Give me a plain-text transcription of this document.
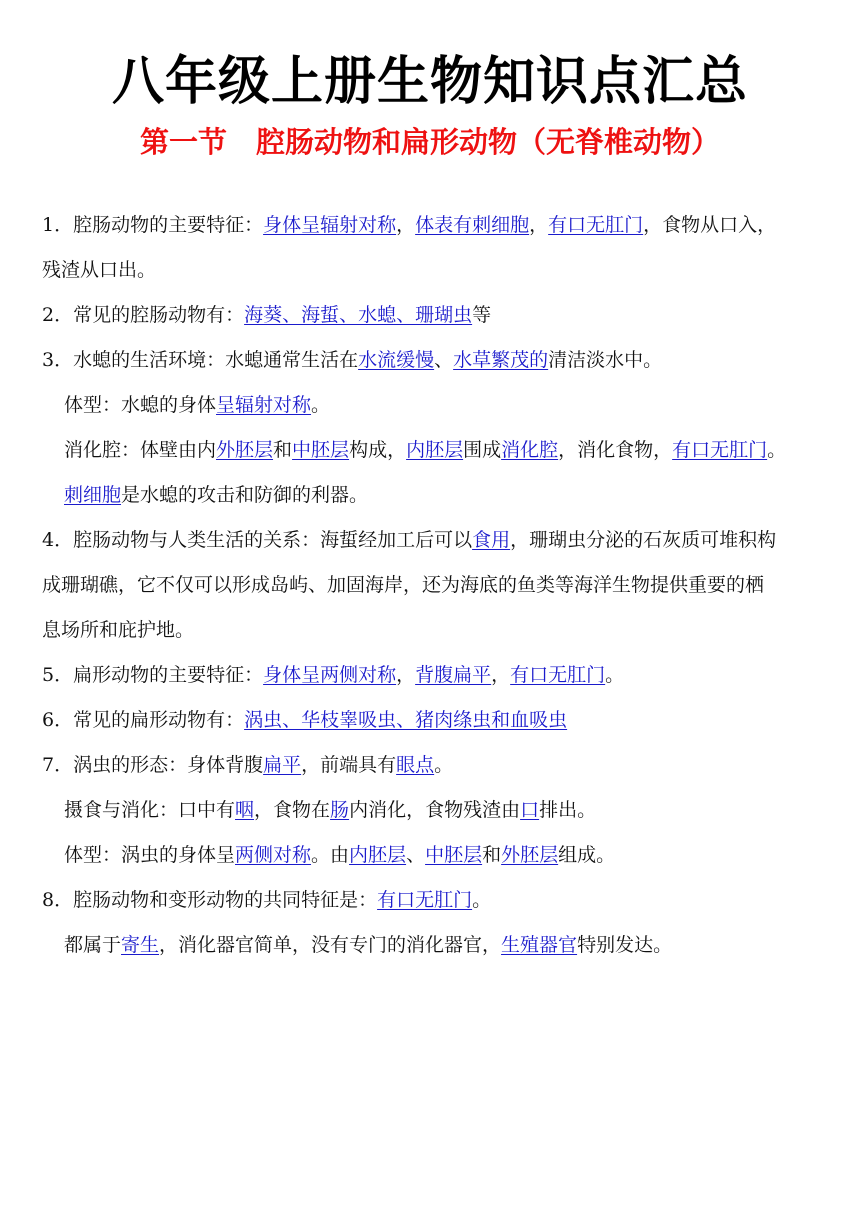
八年级上册生物知识点汇总
第一节　腔肠动物和扁形动物（无脊椎动物）
1．腔肠动物的主要特征：身体呈辐射对称，体表有刺细胞，有口无肛门，食物从口入，
残渣从口出。
2．常见的腔肠动物有：海葵、海蜇、水螅、珊瑚虫等
3．水螅的生活环境：水螅通常生活在水流缓慢、水草繁茂的清洁淡水中。
体型：水螅的身体呈辐射对称。
消化腔：体壁由内外胚层和中胚层构成，内胚层围成消化腔，消化食物，有口无肛门。
刺细胞是水螅的攻击和防御的利器。
4．腔肠动物与人类生活的关系：海蜇经加工后可以食用，珊瑚虫分泌的石灰质可堆积构
成珊瑚礁，它不仅可以形成岛屿、加固海岸，还为海底的鱼类等海洋生物提供重要的栖
息场所和庇护地。
5．扁形动物的主要特征：身体呈两侧对称，背腹扁平，有口无肛门。
6．常见的扁形动物有：涡虫、华枝睾吸虫、猪肉绦虫和血吸虫
7．涡虫的形态：身体背腹扁平，前端具有眼点。
摄食与消化：口中有咽，食物在肠内消化，食物残渣由口排出。
体型：涡虫的身体呈两侧对称。由内胚层、中胚层和外胚层组成。
8．腔肠动物和变形动物的共同特征是：有口无肛门。
都属于寄生，消化器官简单，没有专门的消化器官，生殖器官特别发达。
